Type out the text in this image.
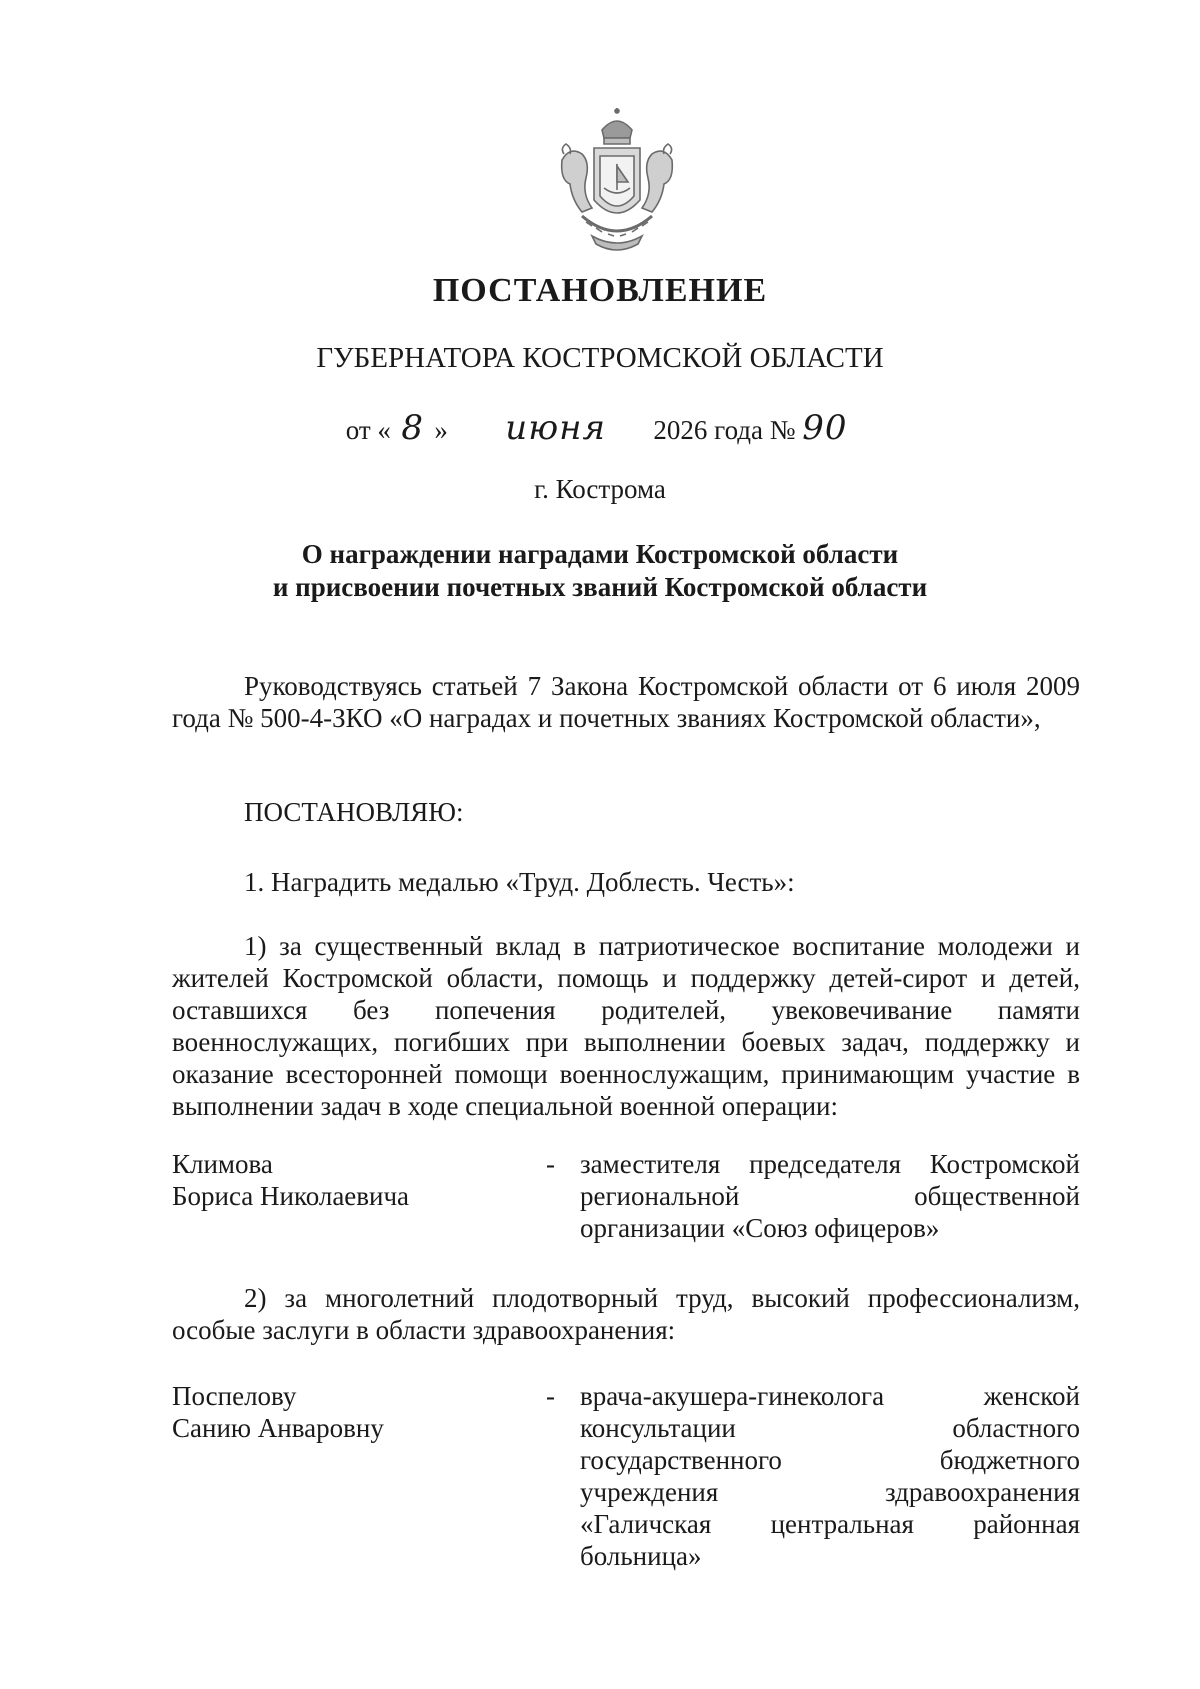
ПОСТАНОВЛЕНИЕ
ГУБЕРНАТОРА КОСТРОМСКОЙ ОБЛАСТИ
от « 8 » июня 2026 года № 90
г. Кострома
О награждении наградами Костромской области
и присвоении почетных званий Костромской области
Руководствуясь статьей 7 Закона Костромской области от 6 июля 2009 года № 500-4-ЗКО «О наградах и почетных званиях Костромской области»,
ПОСТАНОВЛЯЮ:
1. Наградить медалью «Труд. Доблесть. Честь»:
1) за существенный вклад в патриотическое воспитание молодежи и жителей Костромской области, помощь и поддержку детей-сирот и детей, оставшихся без попечения родителей, увековечивание памяти военнослужащих, погибших при выполнении боевых задач, поддержку и оказание всесторонней помощи военнослужащим, принимающим участие в выполнении задач в ходе специальной военной операции:
Климова
Бориса Николаевича
- заместителя председателя Костромской
региональной общественной
организации «Союз офицеров»
2) за многолетний плодотворный труд, высокий профессионализм, особые заслуги в области здравоохранения:
Поспелову
Санию Анваровну
- врача-акушера-гинеколога женской
консультации областного
государственного бюджетного
учреждения здравоохранения
«Галичская центральная районная
больница»
